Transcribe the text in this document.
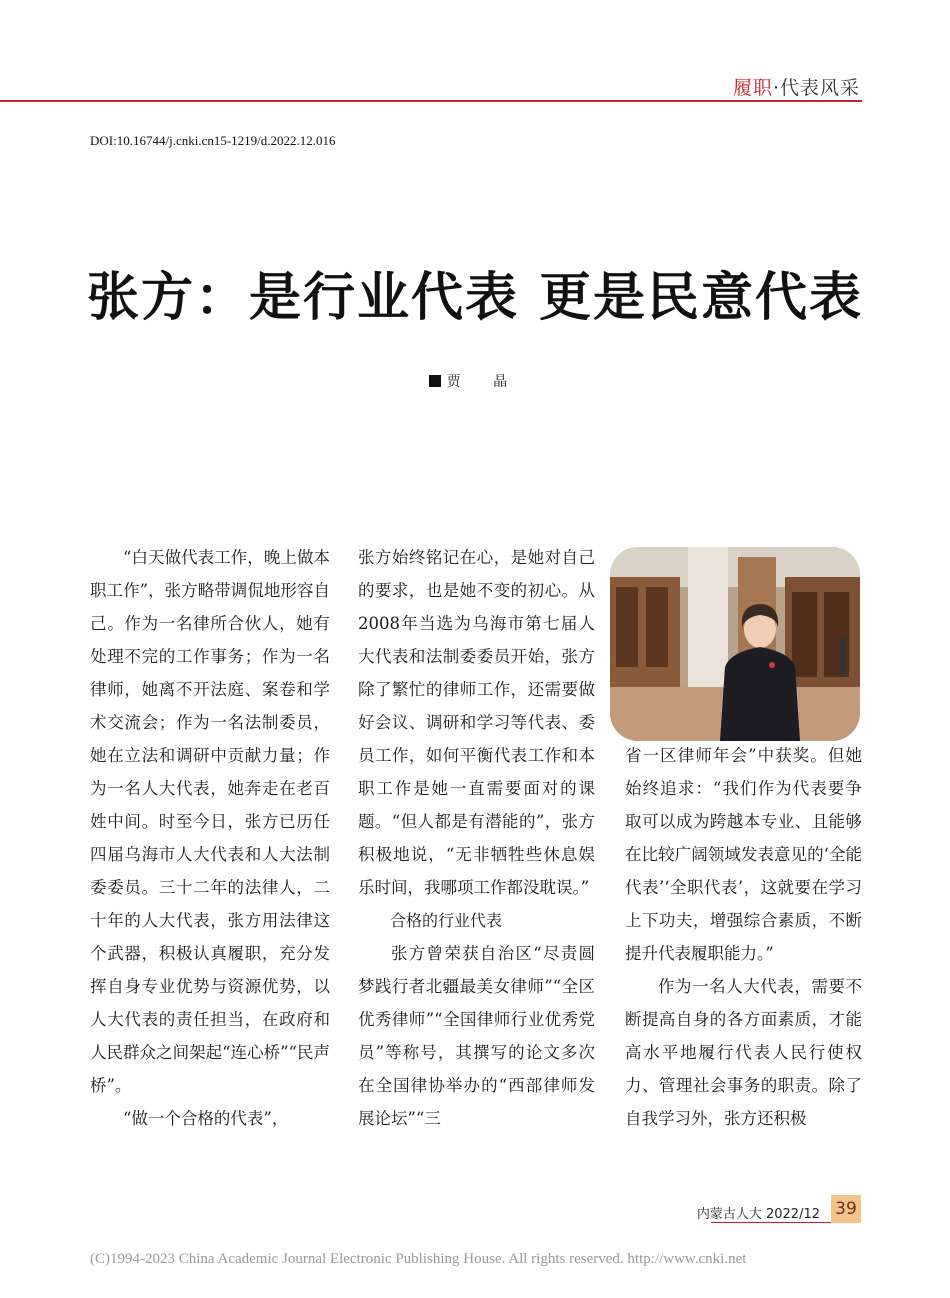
履职·代表风采
DOI:10.16744/j.cnki.cn15-1219/d.2022.12.016
张方：是行业代表 更是民意代表
贾 晶

“白天做代表工作，晚上做本职工作”，张方略带调侃地形容自己。作为一名律所合伙人，她有处理不完的工作事务；作为一名律师，她离不开法庭、案卷和学术交流会；作为一名法制委员，她在立法和调研中贡献力量；作为一名人大代表，她奔走在老百姓中间。时至今日，张方已历任四届乌海市人大代表和人大法制委委员。三十二年的法律人，二十年的人大代表，张方用法律这个武器，积极认真履职，充分发挥自身专业优势与资源优势，以人大代表的责任担当，在政府和人民群众之间架起“连心桥”“民声桥”。

“做一个合格的代表”，

张方始终铭记在心，是她对自己的要求，也是她不变的初心。从2008年当选为乌海市第七届人大代表和法制委委员开始，张方除了繁忙的律师工作，还需要做好会议、调研和学习等代表、委员工作，如何平衡代表工作和本职工作是她一直需要面对的课题。“但人都是有潜能的”，张方积极地说，“无非牺牲些休息娱乐时间，我哪项工作都没耽误。”

合格的行业代表

张方曾荣获自治区“尽责圆梦践行者北疆最美女律师”“全区优秀律师”“全国律师行业优秀党员”等称号，其撰写的论文多次在全国律协举办的“西部律师发展论坛”“三

省一区律师年会”中获奖。但她始终追求：“我们作为代表要争取可以成为跨越本专业、且能够在比较广阔领域发表意见的‘全能代表’‘全职代表’，这就要在学习上下功夫，增强综合素质，不断提升代表履职能力。”

作为一名人大代表，需要不断提高自身的各方面素质，才能高水平地履行代表人民行使权力、管理社会事务的职责。除了自我学习外，张方还积极

内蒙古人大 2022/12 39
(C)1994-2023 China Academic Journal Electronic Publishing House. All rights reserved. http://www.cnki.net
